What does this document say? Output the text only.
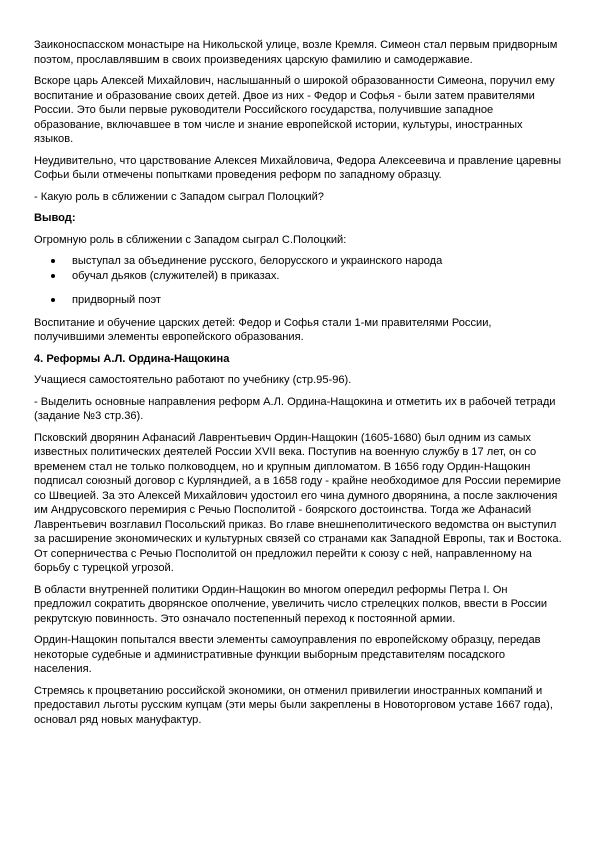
Заиконоспасском монастыре на Никольской улице, возле Кремля. Симеон стал первым придворным поэтом, прославлявшим в своих произведениях царскую фамилию и самодержавие.

Вскоре царь Алексей Михайлович, наслышанный о широкой образованности Симеона, поручил ему воспитание и образование своих детей. Двое из них - Федор и Софья - были затем правителями России. Это были первые руководители Российского государства, получившие западное образование, включавшее в том числе и знание европейской истории, культуры, иностранных языков.

Неудивительно, что царствование Алексея Михайловича, Федора Алексеевича и правление царевны Софьи были отмечены попытками проведения реформ по западному образцу.

- Какую роль в сближении с Западом сыграл Полоцкий?

Вывод:

Огромную роль в сближении с Западом сыграл С.Полоцкий:

выступал за объединение русского, белорусского и украинского народа
обучал дьяков (служителей) в приказах.
придворный поэт

Воспитание и обучение царских детей: Федор и Софья стали 1-ми правителями России, получившими элементы европейского образования.

4. Реформы А.Л. Ордина-Нащокина

Учащиеся самостоятельно работают по учебнику (стр.95-96).

- Выделить основные направления реформ А.Л. Ордина-Нащокина и отметить их в рабочей тетради (задание №3 стр.36).

Псковский дворянин Афанасий Лаврентьевич Ордин-Нащокин (1605-1680) был одним из самых известных политических деятелей России XVII века. Поступив на военную службу в 17 лет, он со временем стал не только полководцем, но и крупным дипломатом. В 1656 году Ордин-Нащокин подписал союзный договор с Курляндией, а в 1658 году - крайне необходимое для России перемирие со Швецией. За это Алексей Михайлович удостоил его чина думного дворянина, а после заключения им Андрусовского перемирия с Речью Посполитой - боярского достоинства. Тогда же Афанасий Лаврентьевич возглавил Посольский приказ. Во главе внешнеполитического ведомства он выступил за расширение экономических и культурных связей со странами как Западной Европы, так и Востока. От соперничества с Речью Посполитой он предложил перейти к союзу с ней, направленному на борьбу с турецкой угрозой.

В области внутренней политики Ордин-Нащокин во многом опередил реформы Петра I. Он предложил сократить дворянское ополчение, увеличить число стрелецких полков, ввести в России рекрутскую повинность. Это означало постепенный переход к постоянной армии.

Ордин-Нащокин попытался ввести элементы самоуправления по европейскому образцу, передав некоторые судебные и административные функции выборным представителям посадского населения.

Стремясь к процветанию российской экономики, он отменил привилегии иностранных компаний и предоставил льготы русским купцам (эти меры были закреплены в Новоторговом уставе 1667 года), основал ряд новых мануфактур.
